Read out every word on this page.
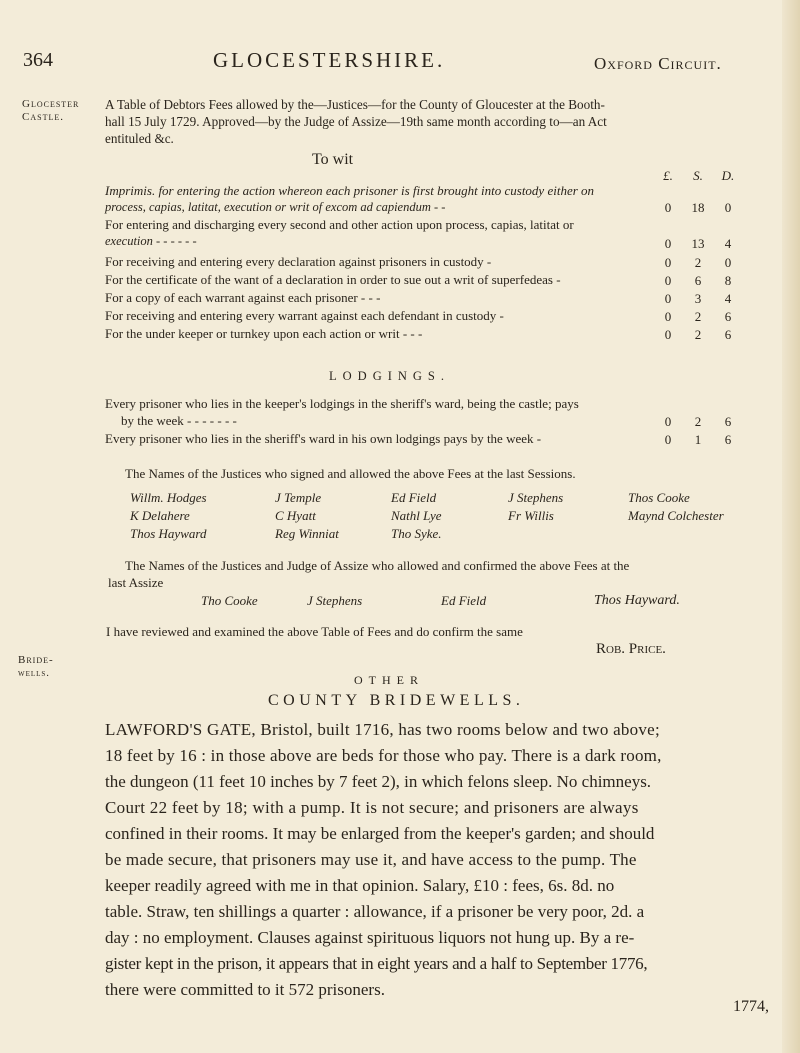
364	GLOCESTERSHIRE.	Oxford Circuit.
Glocester
Castle.
Bride-
wells.
A Table of Debtors Fees allowed by the—Justices—for the County of Gloucester at the Booth-
hall 15 July 1729. Approved—by the Judge of Assize—19th same month according to—an Act
entituled &c.
To wit
£.	S.	D.
Imprimis. for entering the action whereon each prisoner is first brought into custody either on
process, capias, latitat, execution or writ of excom ad capiendum - -	0	18	0
For entering and discharging every second and other action upon process, capias, latitat or
execution - - - - - -	0	13	4
For receiving and entering every declaration against prisoners in custody -	0	2	0
For the certificate of the want of a declaration in order to sue out a writ of superfedeas -	0	6	8
For a copy of each warrant against each prisoner - - -	0	3	4
For receiving and entering every warrant against each defendant in custody -	0	2	6
For the under keeper or turnkey upon each action or writ - - -	0	2	6
LODGINGS.
Every prisoner who lies in the keeper's lodgings in the sheriff's ward, being the castle; pays
by the week - - - - - - -	0	2	6
Every prisoner who lies in the sheriff's ward in his own lodgings pays by the week -	0	1	6
The Names of the Justices who signed and allowed the above Fees at the last Sessions.
Willm. Hodges	J Temple	Ed Field	J Stephens	Thos Cooke
K Delahere	C Hyatt	Nathl Lye	Fr Willis	Maynd Colchester
Thos Hayward	Reg Winniat	Tho Syke.
The Names of the Justices and Judge of Assize who allowed and confirmed the above Fees at the
last Assize
Tho Cooke	J Stephens	Ed Field	Thos Hayward.
I have reviewed and examined the above Table of Fees and do confirm the same
Rob. Price.
OTHER
COUNTY BRIDEWELLS.
LAWFORD'S GATE, Bristol, built 1716, has two rooms below and two above;
18 feet by 16 : in those above are beds for those who pay. There is a dark room,
the dungeon (11 feet 10 inches by 7 feet 2), in which felons sleep. No chimneys.
Court 22 feet by 18; with a pump. It is not secure; and prisoners are always
confined in their rooms. It may be enlarged from the keeper's garden; and should
be made secure, that prisoners may use it, and have access to the pump. The
keeper readily agreed with me in that opinion. Salary, £10 : fees, 6s. 8d. no
table. Straw, ten shillings a quarter : allowance, if a prisoner be very poor, 2d. a
day : no employment. Clauses against spirituous liquors not hung up. By a re-
gister kept in the prison, it appears that in eight years and a half to September 1776,
there were committed to it 572 prisoners.
1774,
